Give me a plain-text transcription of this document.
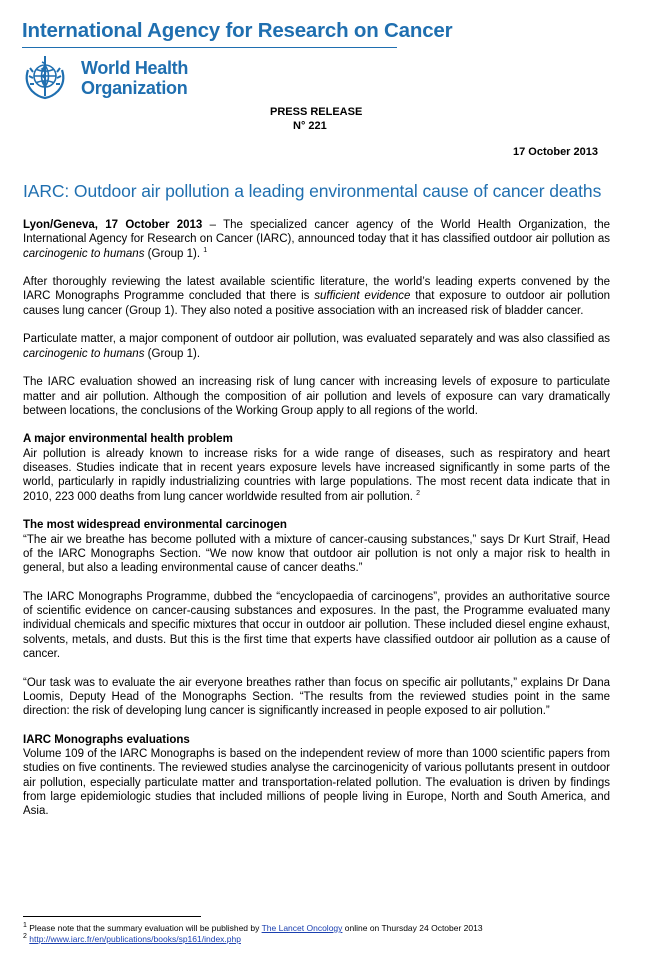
International Agency for Research on Cancer
World Health
Organization
PRESS RELEASE
N° 221
17 October 2013
IARC: Outdoor air pollution a leading environmental cause of cancer deaths

Lyon/Geneva, 17 October 2013 – The specialized cancer agency of the World Health Organization, the International Agency for Research on Cancer (IARC), announced today that it has classified outdoor air pollution as carcinogenic to humans (Group 1). $^1$

After thoroughly reviewing the latest available scientific literature, the world’s leading experts convened by the IARC Monographs Programme concluded that there is sufficient evidence that exposure to outdoor air pollution causes lung cancer (Group 1). They also noted a positive association with an increased risk of bladder cancer.

Particulate matter, a major component of outdoor air pollution, was evaluated separately and was also classified as carcinogenic to humans (Group 1).

The IARC evaluation showed an increasing risk of lung cancer with increasing levels of exposure to particulate matter and air pollution. Although the composition of air pollution and levels of exposure can vary dramatically between locations, the conclusions of the Working Group apply to all regions of the world.

A major environmental health problem

Air pollution is already known to increase risks for a wide range of diseases, such as respiratory and heart diseases. Studies indicate that in recent years exposure levels have increased significantly in some parts of the world, particularly in rapidly industrializing countries with large populations. The most recent data indicate that in 2010, 223 000 deaths from lung cancer worldwide resulted from air pollution. $^2$

The most widespread environmental carcinogen

“The air we breathe has become polluted with a mixture of cancer-causing substances,” says Dr Kurt Straif, Head of the IARC Monographs Section. “We now know that outdoor air pollution is not only a major risk to health in general, but also a leading environmental cause of cancer deaths.”

The IARC Monographs Programme, dubbed the “encyclopaedia of carcinogens”, provides an authoritative source of scientific evidence on cancer-causing substances and exposures. In the past, the Programme evaluated many individual chemicals and specific mixtures that occur in outdoor air pollution. These included diesel engine exhaust, solvents, metals, and dusts. But this is the first time that experts have classified outdoor air pollution as a cause of cancer.

“Our task was to evaluate the air everyone breathes rather than focus on specific air pollutants,” explains Dr Dana Loomis, Deputy Head of the Monographs Section. “The results from the reviewed studies point in the same direction: the risk of developing lung cancer is significantly increased in people exposed to air pollution.”

IARC Monographs evaluations

Volume 109 of the IARC Monographs is based on the independent review of more than 1000 scientific papers from studies on five continents. The reviewed studies analyse the carcinogenicity of various pollutants present in outdoor air pollution, especially particulate matter and transportation-related pollution. The evaluation is driven by findings from large epidemiologic studies that included millions of people living in Europe, North and South America, and Asia.

$^1$ Please note that the summary evaluation will be published by The Lancet Oncology online on Thursday 24 October 2013
$^2$ http://www.iarc.fr/en/publications/books/sp161/index.php
